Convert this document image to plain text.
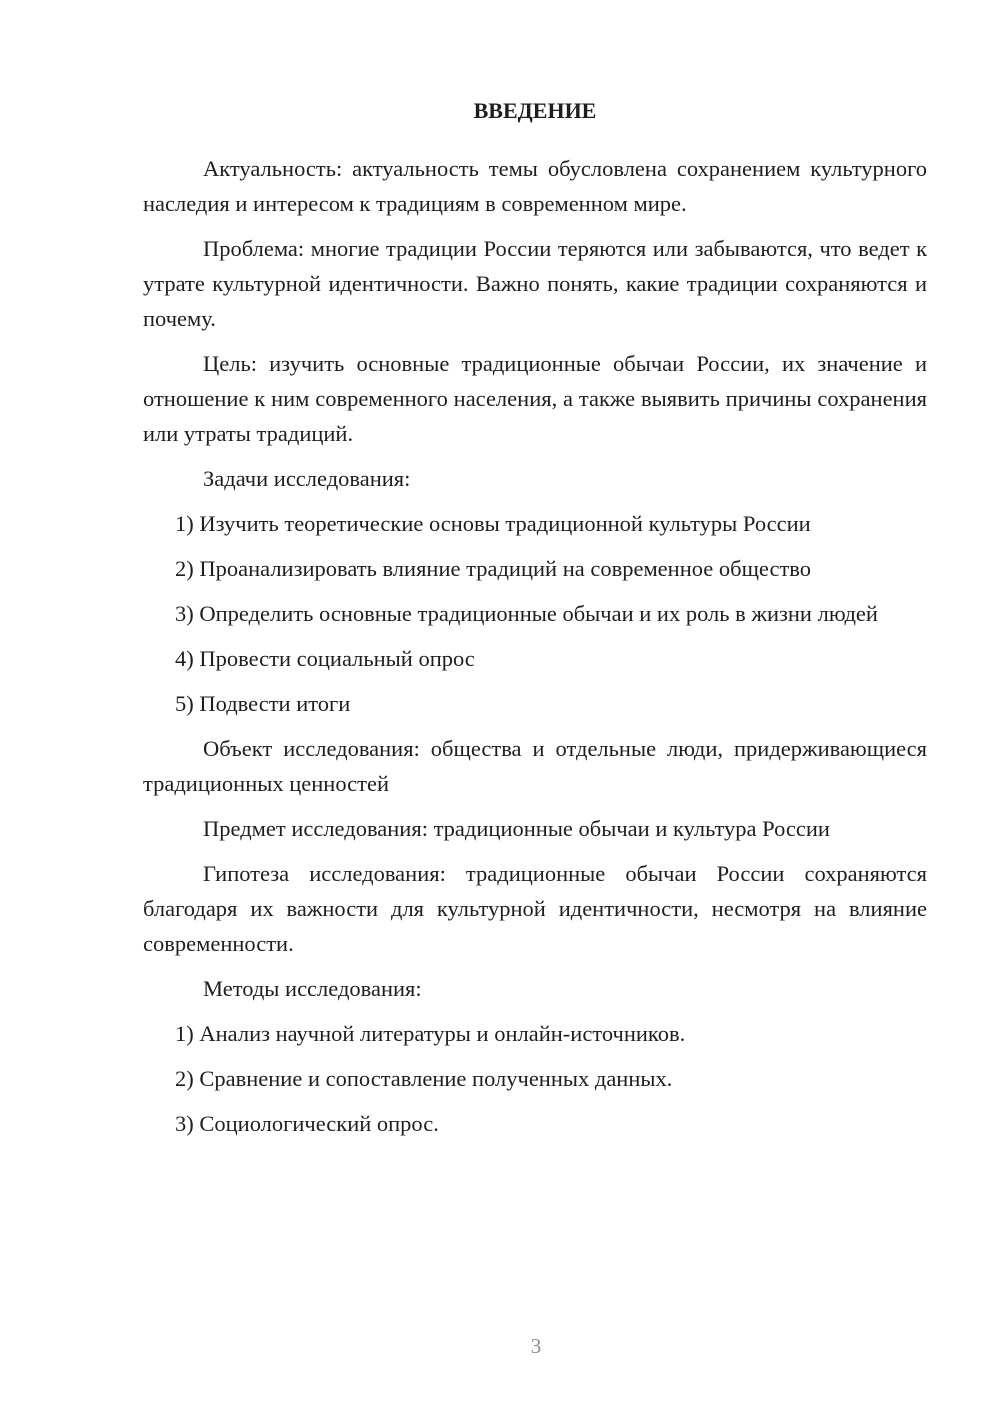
ВВЕДЕНИЕ

Актуальность: актуальность темы обусловлена сохранением культурного наследия и интересом к традициям в современном мире.

Проблема: многие традиции России теряются или забываются, что ведет к утрате культурной идентичности. Важно понять, какие традиции сохраняются и почему.

Цель: изучить основные традиционные обычаи России, их значение и отношение к ним современного населения, а также выявить причины сохранения или утраты традиций.

Задачи исследования:

1) Изучить теоретические основы традиционной культуры России

2) Проанализировать влияние традиций на современное общество

3) Определить основные традиционные обычаи и их роль в жизни людей

4) Провести социальный опрос

5) Подвести итоги

Объект исследования: общества и отдельные люди, придерживающиеся традиционных ценностей

Предмет исследования: традиционные обычаи и культура России

Гипотеза исследования: традиционные обычаи России сохраняются благодаря их важности для культурной идентичности, несмотря на влияние современности.

Методы исследования:

1) Анализ научной литературы и онлайн-источников.

2) Сравнение и сопоставление полученных данных.

3) Социологический опрос.

3
